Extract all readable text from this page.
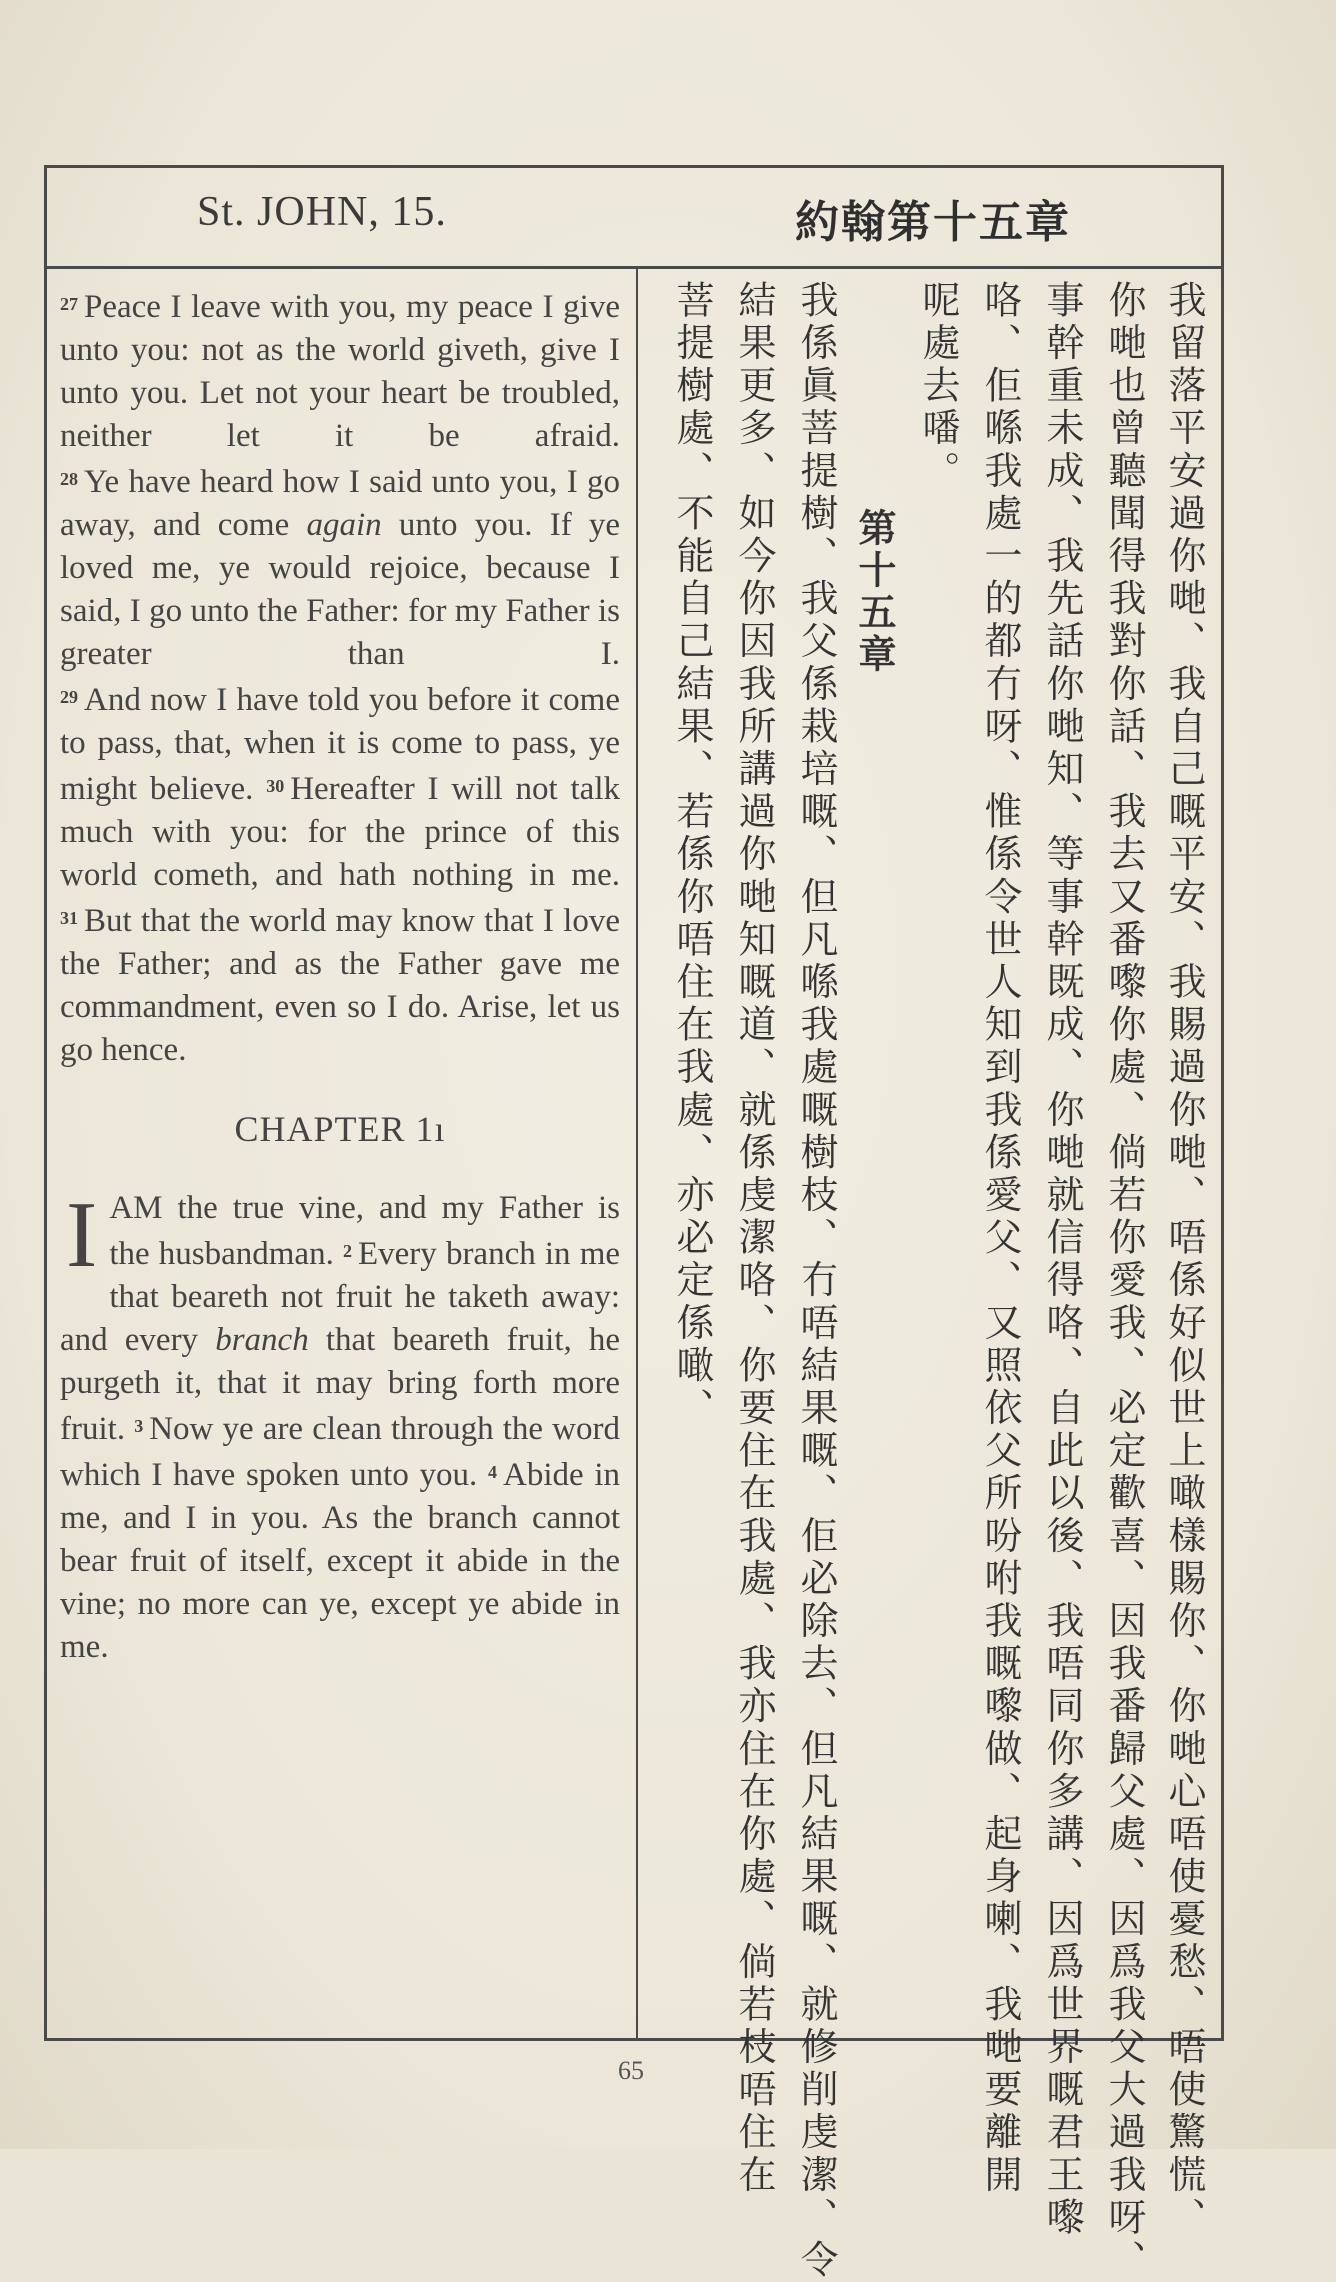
St. JOHN, 15.	約翰第十五章

$^{27}$ Peace I leave with you, my peace I give unto you: not as the world giveth, give I unto you. Let not your heart be troubled, neither let it be afraid.

$^{28}$ Ye have heard how I said unto you, I go away, and come again unto you. If ye loved me, ye would rejoice, because I said, I go unto the Father: for my Father is greater than I.

$^{29}$ And now I have told you before it come to pass, that, when it is come to pass, ye might believe. $^{30}$ Hereafter I will not talk much with you: for the prince of this world cometh, and hath nothing in me.

$^{31}$ But that the world may know that I love the Father; and as the Father gave me commandment, even so I do. Arise, let us go hence.

CHAPTER 1ı
I AM the true vine, and my Father is the husbandman. $^2$ Every branch in me that beareth not fruit he taketh away: and every branch that beareth fruit, he purgeth it, that it may bring forth more fruit. $^3$ Now ye are clean through the word which I have spoken unto you. $^4$ Abide in me, and I in you. As the branch cannot bear fruit of itself, except it abide in the vine; no more can ye, except ye abide in me.	我留落平安過你哋、我自己嘅平安、我賜過你哋、唔係好似世上噉樣賜你、你哋心唔使憂愁、唔使驚慌、
你哋也曾聽聞得我對你話、我去又番嚟你處、倘若你愛我、必定歡喜、因我番歸父處、因爲我父大過我呀、
事幹重未成、我先話你哋知、等事幹既成、你哋就信得咯、自此以後、我唔同你多講、因爲世界嘅君王嚟
咯、佢喺我處一的都冇呀、惟係令世人知到我係愛父、又照依父所吩咐我嘅嚟做、起身喇、我哋要離開
呢處去噃。
第十五章
我係眞菩提樹、我父係栽培嘅、但凡喺我處嘅樹枝、冇唔結果嘅、佢必除去、但凡結果嘅、就修削虔潔、令
結果更多、如今你因我所講過你哋知嘅道、就係虔潔咯、你要住在我處、我亦住在你處、倘若枝唔住在
菩提樹處、不能自己結果、若係你唔住在我處、亦必定係噉、
65
